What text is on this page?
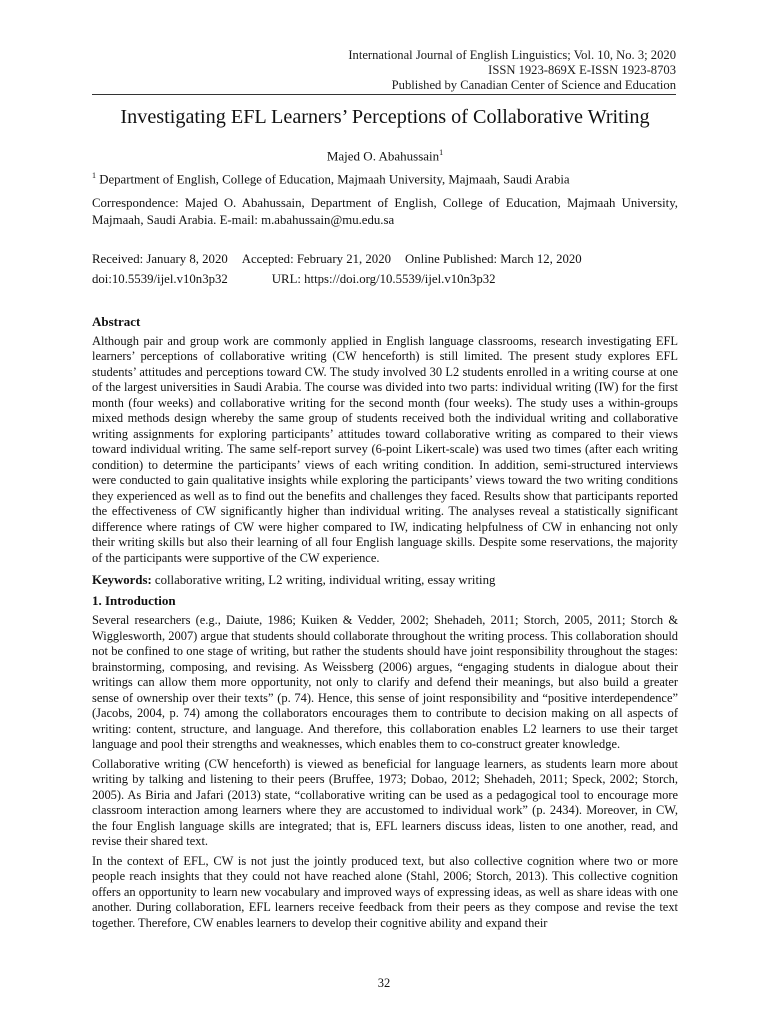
International Journal of English Linguistics; Vol. 10, No. 3; 2020
ISSN 1923-869X E-ISSN 1923-8703
Published by Canadian Center of Science and Education
Investigating EFL Learners’ Perceptions of Collaborative Writing
Majed O. Abahussain$^1$
$^1$ Department of English, College of Education, Majmaah University, Majmaah, Saudi Arabia
Correspondence: Majed O. Abahussain, Department of English, College of Education, Majmaah University, Majmaah, Saudi Arabia. E-mail: m.abahussain@mu.edu.sa
Received: January 8, 2020 Accepted: February 21, 2020 Online Published: March 12, 2020
doi:10.5539/ijel.v10n3p32	URL: https://doi.org/10.5539/ijel.v10n3p32
Abstract
Although pair and group work are commonly applied in English language classrooms, research investigating EFL learners’ perceptions of collaborative writing (CW henceforth) is still limited. The present study explores EFL students’ attitudes and perceptions toward CW. The study involved 30 L2 students enrolled in a writing course at one of the largest universities in Saudi Arabia. The course was divided into two parts: individual writing (IW) for the first month (four weeks) and collaborative writing for the second month (four weeks). The study uses a within-groups mixed methods design whereby the same group of students received both the individual writing and collaborative writing assignments for exploring participants’ attitudes toward collaborative writing as compared to their views toward individual writing. The same self-report survey (6-point Likert-scale) was used two times (after each writing condition) to determine the participants’ views of each writing condition. In addition, semi-structured interviews were conducted to gain qualitative insights while exploring the participants’ views toward the two writing conditions they experienced as well as to find out the benefits and challenges they faced. Results show that participants reported the effectiveness of CW significantly higher than individual writing. The analyses reveal a statistically significant difference where ratings of CW were higher compared to IW, indicating helpfulness of CW in enhancing not only their writing skills but also their learning of all four English language skills. Despite some reservations, the majority of the participants were supportive of the CW experience.
Keywords: collaborative writing, L2 writing, individual writing, essay writing
1. Introduction
Several researchers (e.g., Daiute, 1986; Kuiken & Vedder, 2002; Shehadeh, 2011; Storch, 2005, 2011; Storch & Wigglesworth, 2007) argue that students should collaborate throughout the writing process. This collaboration should not be confined to one stage of writing, but rather the students should have joint responsibility throughout the stages: brainstorming, composing, and revising. As Weissberg (2006) argues, “engaging students in dialogue about their writings can allow them more opportunity, not only to clarify and defend their meanings, but also build a greater sense of ownership over their texts” (p. 74). Hence, this sense of joint responsibility and “positive interdependence” (Jacobs, 2004, p. 74) among the collaborators encourages them to contribute to decision making on all aspects of writing: content, structure, and language. And therefore, this collaboration enables L2 learners to use their target language and pool their strengths and weaknesses, which enables them to co-construct greater knowledge.
Collaborative writing (CW henceforth) is viewed as beneficial for language learners, as students learn more about writing by talking and listening to their peers (Bruffee, 1973; Dobao, 2012; Shehadeh, 2011; Speck, 2002; Storch, 2005). As Biria and Jafari (2013) state, “collaborative writing can be used as a pedagogical tool to encourage more classroom interaction among learners where they are accustomed to individual work” (p. 2434). Moreover, in CW, the four English language skills are integrated; that is, EFL learners discuss ideas, listen to one another, read, and revise their shared text.
In the context of EFL, CW is not just the jointly produced text, but also collective cognition where two or more people reach insights that they could not have reached alone (Stahl, 2006; Storch, 2013). This collective cognition offers an opportunity to learn new vocabulary and improved ways of expressing ideas, as well as share ideas with one another. During collaboration, EFL learners receive feedback from their peers as they compose and revise the text together. Therefore, CW enables learners to develop their cognitive ability and expand their
32
